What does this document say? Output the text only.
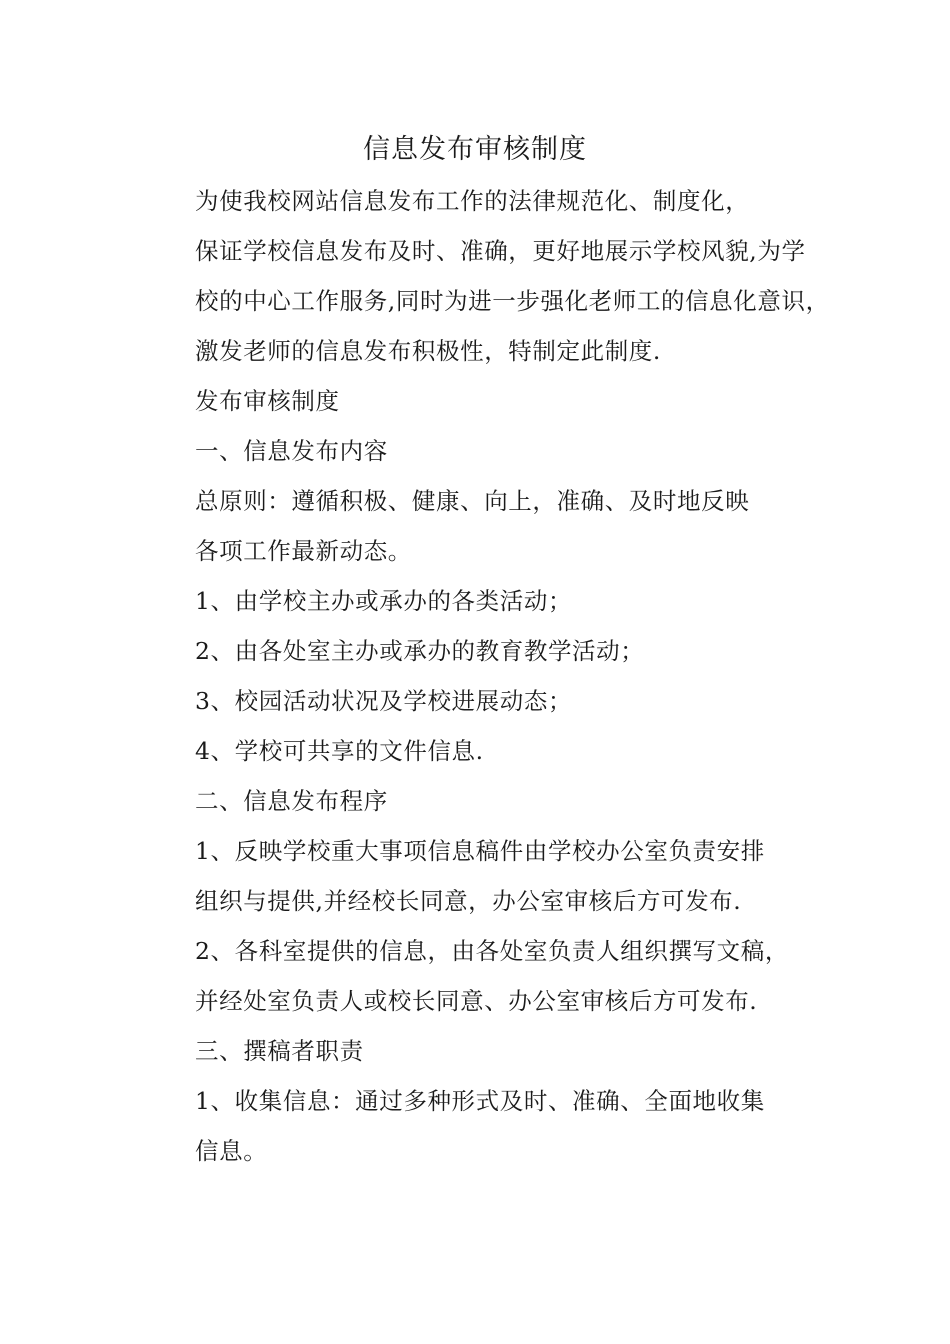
信息发布审核制度

为使我校网站信息发布工作的法律规范化、制度化，
保证学校信息发布及时、准确，更好地展示学校风貌,为学
校的中心工作服务,同时为进一步强化老师工的信息化意识，
激发老师的信息发布积极性，特制定此制度.

发布审核制度

一、信息发布内容

总原则：遵循积极、健康、向上，准确、及时地反映
各项工作最新动态。

1、由学校主办或承办的各类活动；

2、由各处室主办或承办的教育教学活动；

3、校园活动状况及学校进展动态；

4、学校可共享的文件信息.

二、信息发布程序

1、反映学校重大事项信息稿件由学校办公室负责安排
组织与提供,并经校长同意，办公室审核后方可发布.

2、各科室提供的信息，由各处室负责人组织撰写文稿，
并经处室负责人或校长同意、办公室审核后方可发布.

三、撰稿者职责

1、收集信息：通过多种形式及时、准确、全面地收集
信息。
